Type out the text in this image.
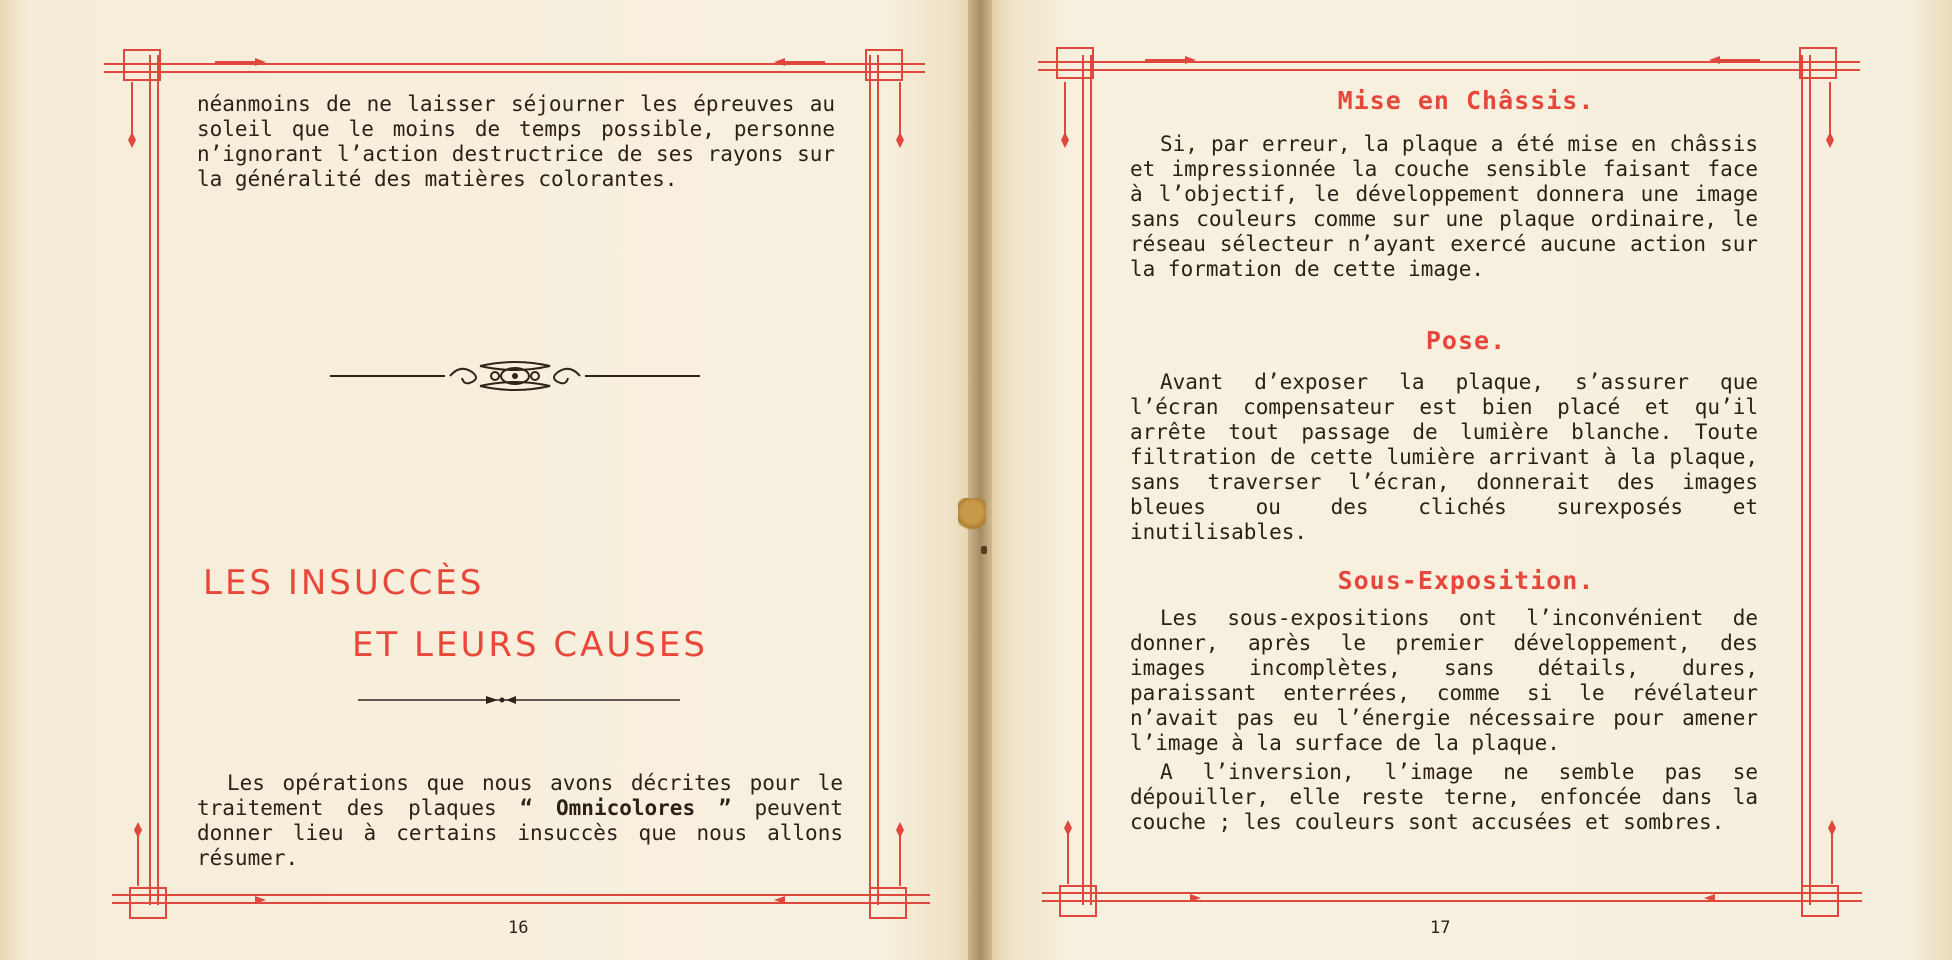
néanmoins de ne laisser séjourner les épreuves au soleil que le moins de temps possible, personne n’ignorant l’action destructrice de ses rayons sur la généralité des matières colorantes.

LES INSUCCÈS
ET LEURS CAUSES

Les opérations que nous avons décrites pour le traitement des plaques “ Omnicolores ” peuvent donner lieu à certains insuccès que nous allons résumer.

16
Mise en Châssis.

Si, par erreur, la plaque a été mise en châssis et impressionnée la couche sensible faisant face à l’objectif, le développement donnera une image sans couleurs comme sur une plaque ordinaire, le réseau sélecteur n’ayant exercé aucune action sur la formation de cette image.

Pose.

Avant d’exposer la plaque, s’assurer que l’écran compensateur est bien placé et qu’il arrête tout passage de lumière blanche. Toute filtration de cette lumière arrivant à la plaque, sans traverser l’écran, donnerait des images bleues ou des clichés surexposés et inutilisables.

Sous-Exposition.

Les sous-expositions ont l’inconvénient de donner, après le premier développement, des images incomplètes, sans détails, dures, paraissant enterrées, comme si le révélateur n’avait pas eu l’énergie nécessaire pour amener l’image à la surface de la plaque.

A l’inversion, l’image ne semble pas se dépouiller, elle reste terne, enfoncée dans la couche ; les couleurs sont accusées et sombres.

17
